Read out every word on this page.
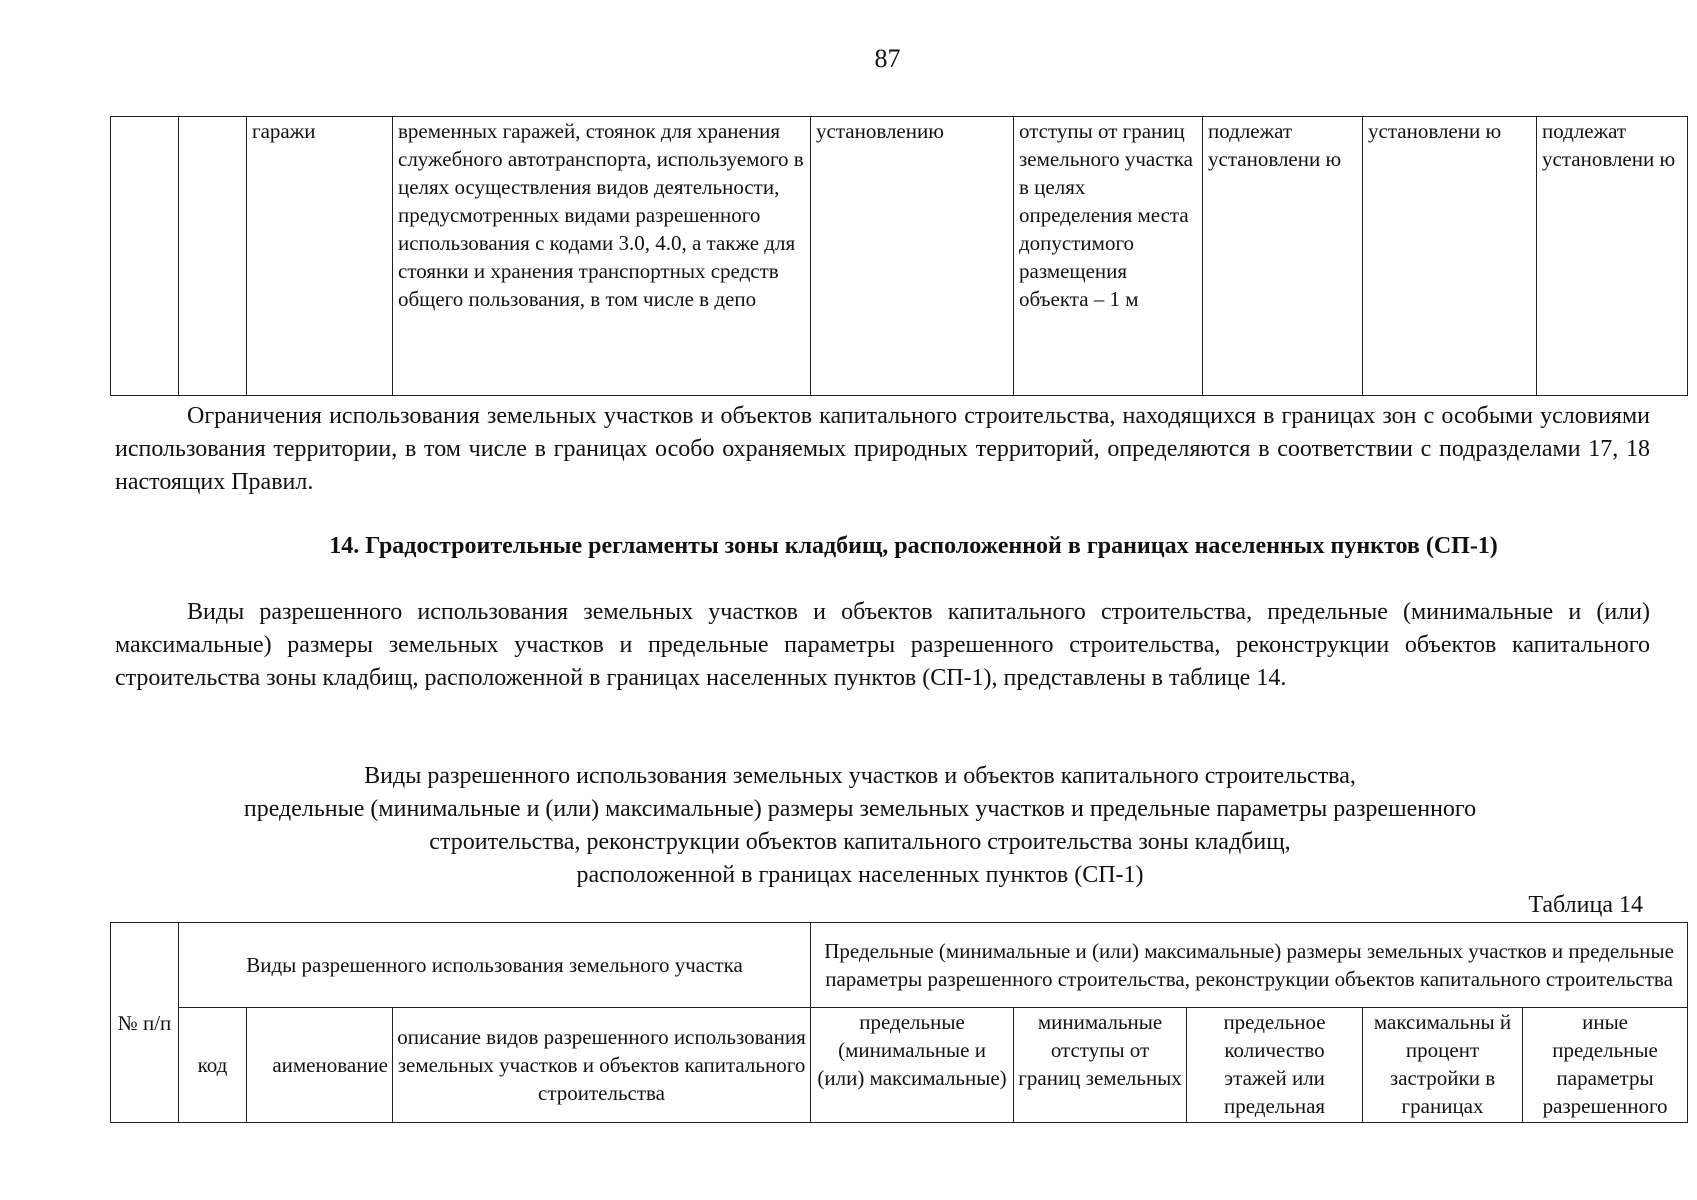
87
		гаражи	временных гаражей, стоянок для хранения служебного автотранспорта, используемого в целях осуществления видов деятельности, предусмотренных видами разрешенного использования с кодами 3.0, 4.0, а также для стоянки и хранения транспортных средств общего пользования, в том числе в депо	установлению	отступы от границ земельного участка в целях определения места допустимого размещения объекта – 1 м	подлежат установлени ю	установлени ю	подлежат установлени ю
Ограничения использования земельных участков и объектов капитального строительства, находящихся в границах зон с особыми условиями использования территории, в том числе в границах особо охраняемых природных территорий, определяются в соответствии с подразделами 17, 18 настоящих Правил.
14. Градостроительные регламенты зоны кладбищ, расположенной в границах населенных пунктов (СП-1)
Виды разрешенного использования земельных участков и объектов капитального строительства, предельные (минимальные и (или) максимальные) размеры земельных участков и предельные параметры разрешенного строительства, реконструкции объектов капитального строительства зоны кладбищ, расположенной в границах населенных пунктов (СП-1), представлены в таблице 14.
Виды разрешенного использования земельных участков и объектов капитального строительства,
предельные (минимальные и (или) максимальные) размеры земельных участков и предельные параметры разрешенного
строительства, реконструкции объектов капитального строительства зоны кладбищ,
расположенной в границах населенных пунктов (СП-1)
Таблица 14
№ п/п	Виды разрешенного использования земельного участка			Предельные (минимальные и (или) максимальные) размеры земельных участков и предельные параметры разрешенного строительства, реконструкции объектов капитального строительства				
	код	аименование	описание видов разрешенного использования земельных участков и объектов капитального строительства	предельные (минимальные и (или) максимальные)	минимальные отступы от границ земельных	предельное количество этажей или предельная	максимальны й процент застройки в границах	иные предельные параметры разрешенного
